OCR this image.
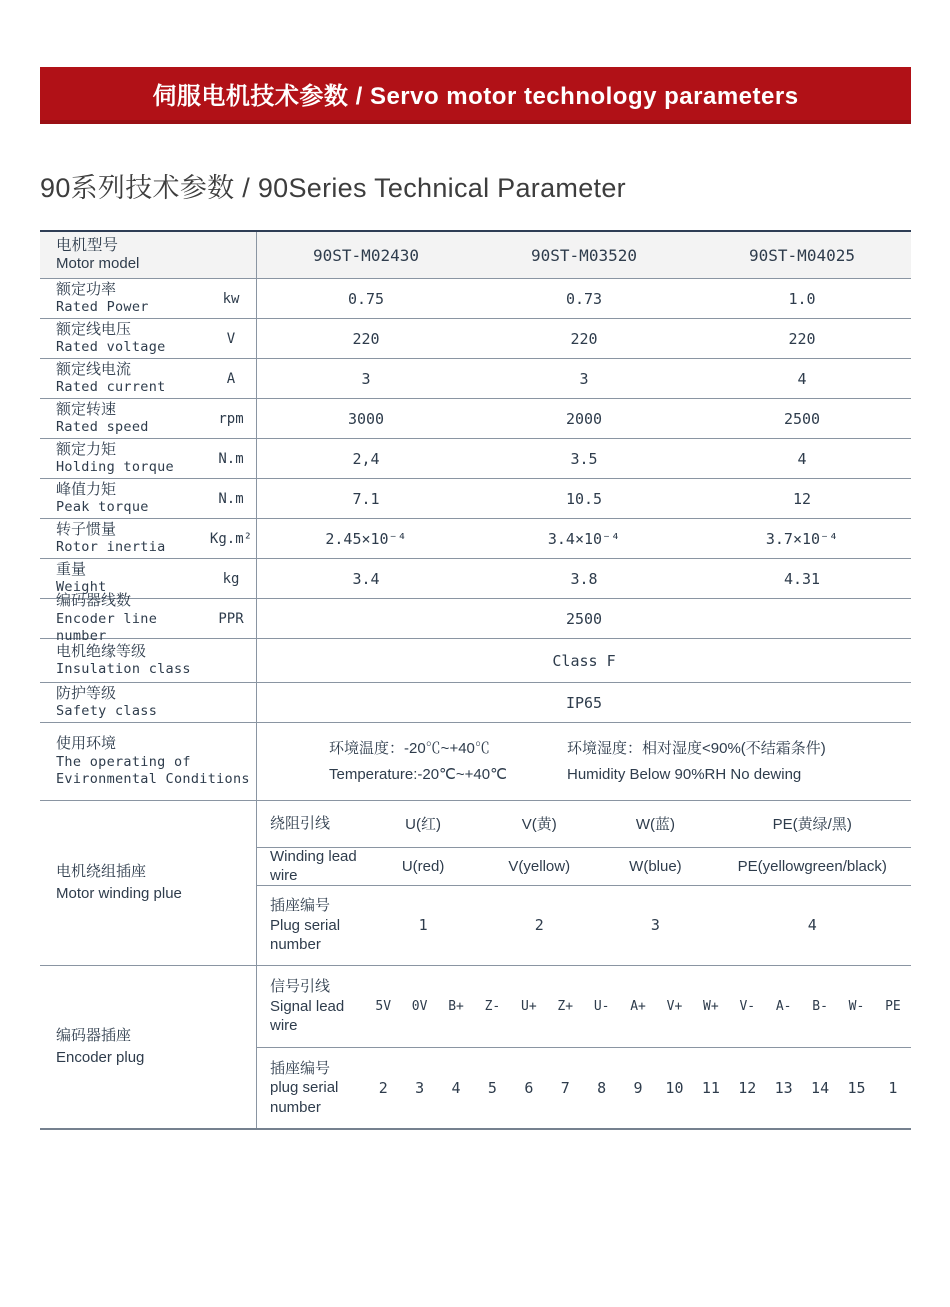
伺服电机技术参数 / Servo motor technology parameters
90系列技术参数 / 90Series Technical Parameter
电机型号
Motor model	90ST-M02430	90ST-M03520	90ST-M04025
额定功率
Rated Power
kw	0.75	0.73	1.0
额定线电压
Rated voltage
V	220	220	220
额定线电流
Rated current
A	3	3	4
额定转速
Rated speed
rpm	3000	2000	2500
额定力矩
Holding torque
N.m	2,4	3.5	4
峰值力矩
Peak torque
N.m	7.1	10.5	12
转子惯量
Rotor inertia
Kg.m²	2.45×10⁻⁴	3.4×10⁻⁴	3.7×10⁻⁴
重量
Weight
kg	3.4	3.8	4.31
编码器线数
Encoder line number
PPR	2500
电机绝缘等级
Insulation class	Class F
防护等级
Safety class	IP65
使用环境
The operating of
Evironmental Conditions
环境温度：-20℃~+40℃
Temperature:-20℃~+40℃
环境湿度：相对湿度<90%(不结霜条件)
Humidity Below 90%RH No dewing
电机绕组插座
Motor winding plue
绕阻引线	U(红)	V(黄)	W(蓝)	PE(黄绿/黑)
Winding lead wire
U(red)	V(yellow)	W(blue)	PE(yellowgreen/black)
插座编号
Plug serial number
1	2	3	4
编码器插座
Encoder plug
信号引线
Signal lead wire
5V	0V	B+	Z-	U+	Z+	U-	A+	V+	W+	V-	A-	B-	W-	PE
插座编号
plug serial number
2	3	4	5	6	7	8	9	10	11	12	13	14	15	1
